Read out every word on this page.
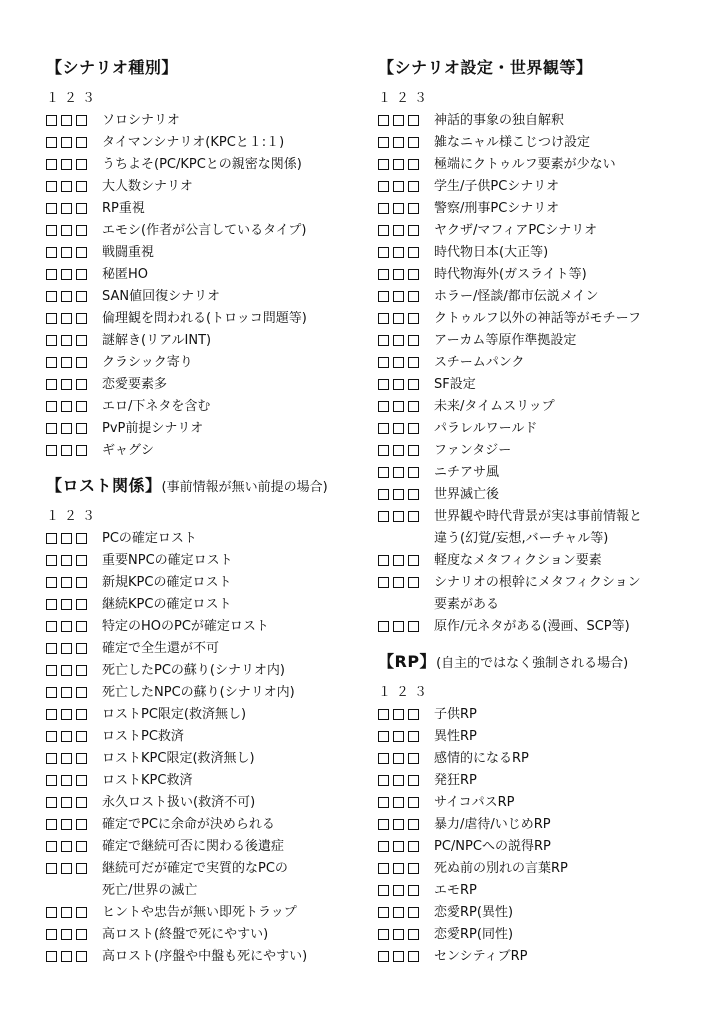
【シナリオ種別】
１２３
ソロシナリオ
タイマンシナリオ(KPCと１:１)
うちよそ(PC/KPCとの親密な関係)
大人数シナリオ
RP重視
エモシ(作者が公言しているタイプ)
戦闘重視
秘匿HO
SAN値回復シナリオ
倫理観を問われる(トロッコ問題等)
謎解き(リアルINT)
クラシック寄り
恋愛要素多
エロ/下ネタを含む
PvP前提シナリオ
ギャグシ
【ロスト関係】(事前情報が無い前提の場合)
１２３
PCの確定ロスト
重要NPCの確定ロスト
新規KPCの確定ロスト
継続KPCの確定ロスト
特定のHOのPCが確定ロスト
確定で全生還が不可
死亡したPCの蘇り(シナリオ内)
死亡したNPCの蘇り(シナリオ内)
ロストPC限定(救済無し)
ロストPC救済
ロストKPC限定(救済無し)
ロストKPC救済
永久ロスト扱い(救済不可)
確定でPCに余命が決められる
確定で継続可否に関わる後遺症
継続可だが確定で実質的なPCの
死亡/世界の滅亡
ヒントや忠告が無い即死トラップ
高ロスト(終盤で死にやすい)
高ロスト(序盤や中盤も死にやすい)
【シナリオ設定・世界観等】
１２３
神話的事象の独自解釈
雑なニャル様こじつけ設定
極端にクトゥルフ要素が少ない
学生/子供PCシナリオ
警察/刑事PCシナリオ
ヤクザ/マフィアPCシナリオ
時代物日本(大正等)
時代物海外(ガスライト等)
ホラー/怪談/都市伝説メイン
クトゥルフ以外の神話等がモチーフ
アーカム等原作準拠設定
スチームパンク
SF設定
未来/タイムスリップ
パラレルワールド
ファンタジー
ニチアサ風
世界滅亡後
世界観や時代背景が実は事前情報と
違う(幻覚/妄想,バーチャル等)
軽度なメタフィクション要素
シナリオの根幹にメタフィクション
要素がある
原作/元ネタがある(漫画、SCP等)
【RP】(自主的ではなく強制される場合)
１２３
子供RP
異性RP
感情的になるRP
発狂RP
サイコパスRP
暴力/虐待/いじめRP
PC/NPCへの説得RP
死ぬ前の別れの言葉RP
エモRP
恋愛RP(異性)
恋愛RP(同性)
センシティブRP
